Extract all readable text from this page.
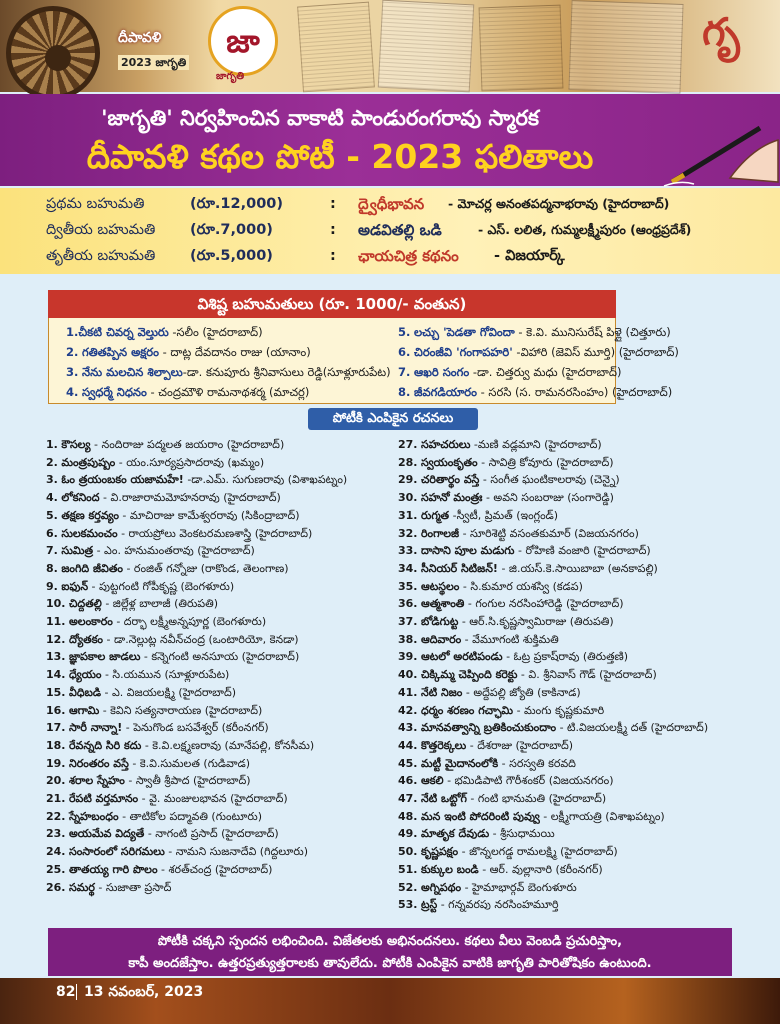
దీపావళి
2023 జాగృతి
జా
జాగృతి
గృ
'జాగృతి' నిర్వహించిన వాకాటి పాండురంగరావు స్మారక
దీపావళి కథల పోటీ - 2023 ఫలితాలు
ప్రథమ బహుమతి	(రూ.12,000)	: ద్వైధీభావన - మోచర్ల అనంతపద్మనాభరావు (హైదరాబాద్)
ద్వితీయ బహుమతి (రూ.7,000)	: అడవితల్లి ఒడి	- ఎస్. లలిత, గుమ్మలక్ష్మీపురం (ఆంధ్రప్రదేశ్)
తృతీయ బహుమతి (రూ.5,000)	: ఛాయచిత్ర కథనం - విజయార్క్
విశిష్ట బహుమతులు (రూ. 1000/- వంతున)
1.చీకటి చివర్న వెల్తురు -సలీం (హైదరాబాద్)
2. గతితప్పిన అక్షరం - దాట్ల దేవదానం రాజు (యానాం)
3. నేను మలచిన శిల్పాలు-డా. కనుపూరు శ్రీనివాసులు రెడ్డి(సూళ్లూరుపేట)
4. స్వధర్మే నిధనం - చంద్రమౌళి రామనాథశర్మ (మాచర్ల)
5. లచ్చు 'పెడతా గోవిందా - కె.వి. మునిసురేష్ పిళ్లై (చిత్తూరు)
6. చిరంజీవి 'గంగాపహరి' -విహారి (జెవిస్ మూర్తి) (హైదరాబాద్)
7. ఆఖరి సంగం -డా. చిత్తర్వు మధు (హైదరాబాద్)
8. జీవగడియారం - సరసి (స. రామనరసింహం) (హైదరాబాద్)
పోటీకి ఎంపికైన రచనలు
1. కౌసల్య - నందిరాజు పద్మలత జయరాం (హైదరాబాద్)
2. మంత్రపుష్పం - యం.సూర్యప్రసాదరావు (ఖమ్మం)
3. ఓం త్రయంబకం యజామహే! -డా.ఎమ్. సుగుణరావు (విశాఖపట్నం)
4. లోకనింద - వి.రాజారామమోహనరావు (హైదరాబాద్)
5. తక్షణ కర్తవ్యం - మాచిరాజు కామేశ్వరరావు (సికింద్రాబాద్)
6. సులకమంచం - రాయప్రోలు వెంకటరమణశాస్త్రి (హైదరాబాద్)
7. సుమిత్ర - ఎం. హనుమంతరావు (హైదరాబాద్)
8. జంగిది జీవితం - రంజిత్ గన్నోజు (రాకొండ, తెలంగాణ)
9. ఐఫున్ - పుట్టగంటి గోపీకృష్ణ (బెంగళూరు)
10. చిద్దతల్లి - జిల్లేళ్ల బాలాజీ (తిరుపతి)
11. అలంకారం - దర్భా లక్ష్మీఅన్నపూర్ణ (బెంగళూరు)
12. ద్యోతకం - డా.నెల్లుట్ల నవీన్‌చంద్ర (ఒంటారియో, కెనడా)
13. జ్ఞాపకాల జాడలు - కన్నెగంటి అనసూయ (హైదరాబాద్)
14. ధ్యేయం - సి.యమున (సూళ్లూరుపేట)
15. వీధిబడి - ఎ. విజయలక్ష్మి (హైదరాబాద్)
16. ఆగామి - కెవిని సత్యనారాయణ (హైదరాబాద్)
17. సారీ నాన్నా! - పెనుగొండ బసవేశ్వర్ (కరీంనగర్)
18. రేవన్నది సిరి కదు - కె.వి.లక్ష్మణరావు (మానేపల్లి, కోనసీమ)
19. నిరంతరం వస్తే - కె.వి.సుమలత (గుడివాడ)
20. శరాల స్నేహం - స్వాతీ శ్రీపాద (హైదరాబాద్)
21. రేపటి వర్తమానం - వై. మంజులభావన (హైదరాబాద్)
22. స్నేహబంధం - తాటికోల పద్మావతి (గుంటూరు)
23. అయమేవ విద్యతే - నాగంటి ప్రసాద్ (హైదరాబాద్)
24. సంసారంలో సరిగమలు - నామని సుజనాదేవి (గిద్దలూరు)
25. తాతయ్య గారి పొలం - శరత్‌చంద్ర (హైదరాబాద్)
26. సమర్థ - సుజాతా ప్రసాద్
27. సహచరులు -మణి వడ్లమాని (హైదరాబాద్)
28. స్వయంకృతం - సావిత్రి కోవూరు (హైదరాబాద్)
29. చరితార్థం వస్తే - సంగీత ఘంటికాలరావు (చెన్నై)
30. సహనో మంత్రః - అవని సంబరాజు (సంగారెడ్డి)
31. రుగ్మత -స్వీటీ, ప్రిమత్ (ఇంగ్లండ్)
32. రింగాలజీ - సూరిశెట్టి వసంతకుమార్ (విజయనగరం)
33. దాసాని పూల మడుగు - రోహిణి వంజారి (హైదరాబాద్)
34. సీనియర్ సిటిజన్! - జి.యస్.కె.సాయిబాబా (అనకాపల్లి)
35. ఆటస్థలం - సి.కుమార యశస్వి (కడప)
36. ఆత్మశాంతి - గంగుల నరసింహారెడ్డి (హైదరాబాద్)
37. బోడిగుట్ట - ఆర్.సి.కృష్ణస్వామిరాజు (తిరుపతి)
38. ఆదివారం - వేమూగంటి శుక్తిమతి
39. ఆటలో అరటిపండు - ఓట్ర ప్రకాష్‌రావు (తిరుత్తణి)
40. చిక్కిమ్మ చెప్పింది కరెక్టు - వి. శ్రీనివాస్ గౌడ్ (హైదరాబాద్)
41. నేటి నిజం - అద్దేపల్లి జ్యోతి (కాకినాడ)
42. ధర్మం శరణం గచ్ఛామి - మంగు కృష్ణకుమారి
43. మానవత్వాన్ని బ్రతికించుకుందాం - టి.విజయలక్ష్మీ దత్ (హైదరాబాద్)
44. కొత్తరెక్కలు - దేశరాజు (హైదరాబాద్)
45. మట్టీ మైదానంలోకి - సరస్వతి కరవది
46. ఆకలి - భమిడిపాటి గౌరీశంకర్ (విజయనగరం)
47. నేటి ఒట్టోగ్ - గంటి భానుమతి (హైదరాబాద్)
48. మన ఇంటి పోదరింటి పువ్వు - లక్ష్మీగాయత్రి (విశాఖపట్నం)
49. మాతృక దేవుడు - శ్రీసుధామయి
50. కృష్ణపక్షం - జొన్నలగడ్డ రామలక్ష్మి (హైదరాబాద్)
51. కుక్కుల బండి - ఆర్. వుల్లానారి (కరీంనగర్)
52. అగ్నిపథం - హైమాభార్గవ్ బెంగుళూరు
53. ట్రస్ట్ - గన్నవరపు నరసింహమూర్తి
పోటీకి చక్కని స్పందన లభించింది. విజేతలకు అభినందనలు. కథలు వీలు వెంబడి ప్రచురిస్తాం,
కాపీ అందజేస్తాం. ఉత్తరప్రత్యుత్తరాలకు తావులేదు. పోటీకి ఎంపికైన వాటికి జాగృతి పారితోషికం ఉంటుంది.
82 13 నవంబర్, 2023
